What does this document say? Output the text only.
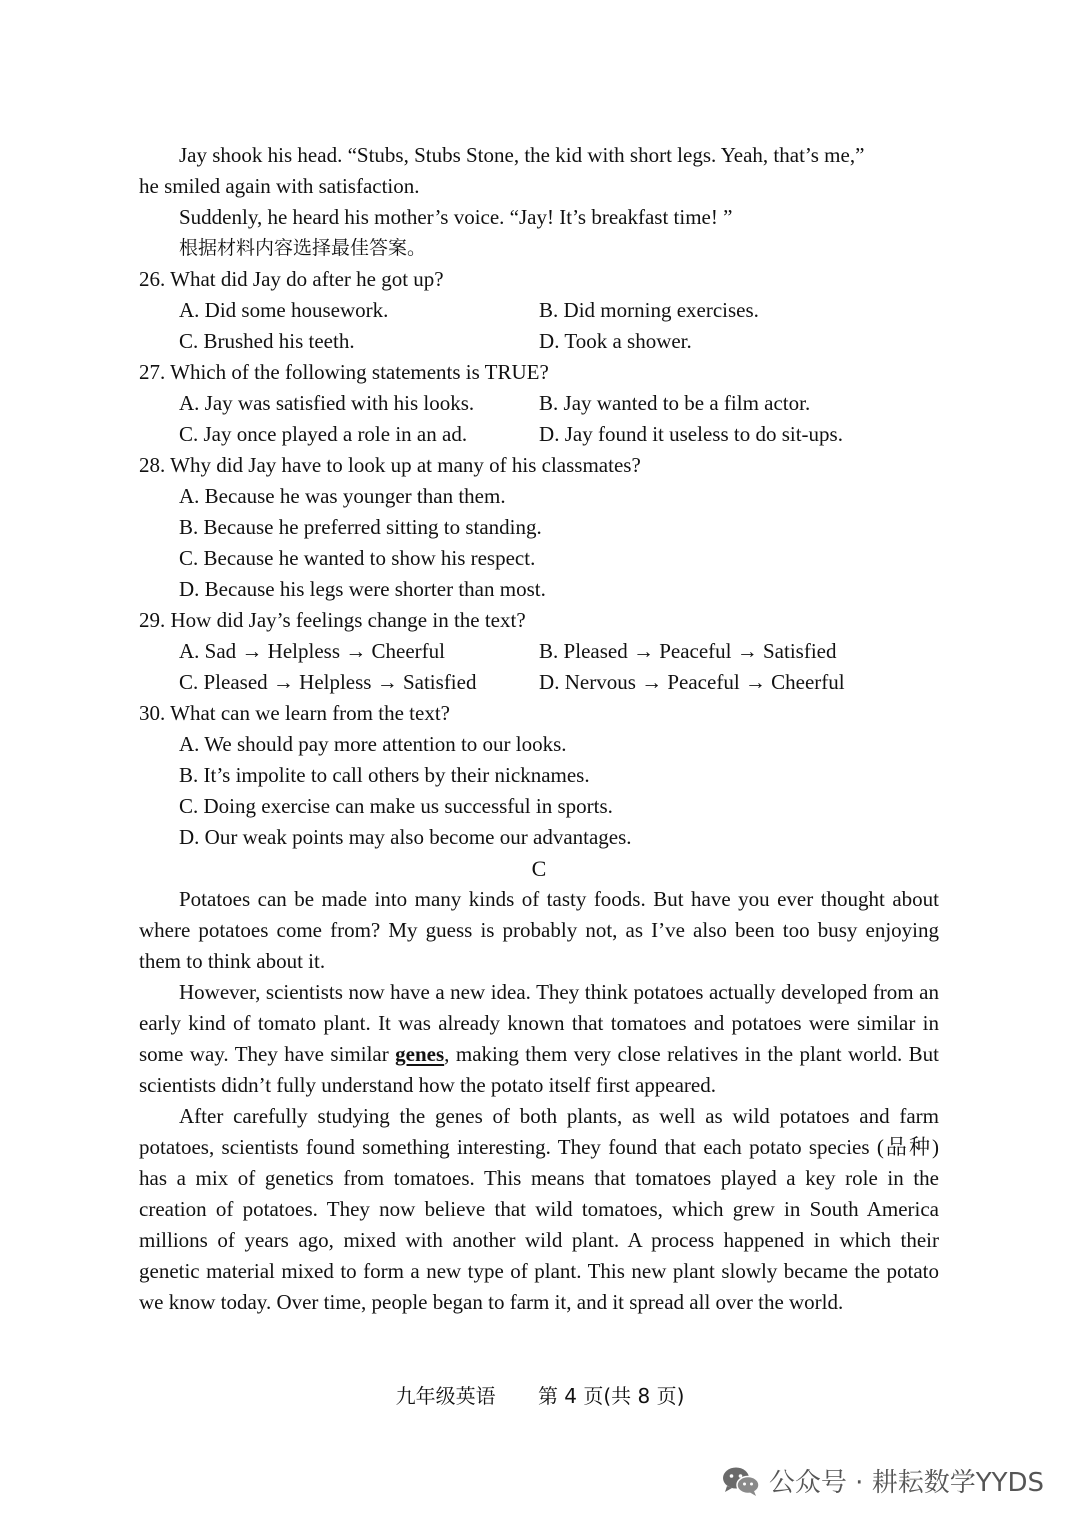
Jay shook his head. “Stubs, Stubs Stone, the kid with short legs. Yeah, that’s me,”

he smiled again with satisfaction.

Suddenly, he heard his mother’s voice. “Jay! It’s breakfast time! ”

根据材料内容选择最佳答案。

26. What did Jay do after he got up?

A. Did some housework.	B. Did morning exercises.
C. Brushed his teeth.	D. Took a shower.

27. Which of the following statements is TRUE?

A. Jay was satisfied with his looks.	B. Jay wanted to be a film actor.
C. Jay once played a role in an ad.	D. Jay found it useless to do sit-ups.

28. Why did Jay have to look up at many of his classmates?

A. Because he was younger than them.

B. Because he preferred sitting to standing.

C. Because he wanted to show his respect.

D. Because his legs were shorter than most.

29. How did Jay’s feelings change in the text?

A. Sad → Helpless → Cheerful	B. Pleased → Peaceful → Satisfied
C. Pleased → Helpless → Satisfied	D. Nervous → Peaceful → Cheerful

30. What can we learn from the text?

A. We should pay more attention to our looks.

B. It’s impolite to call others by their nicknames.

C. Doing exercise can make us successful in sports.

D. Our weak points may also become our advantages.

C

Potatoes can be made into many kinds of tasty foods. But have you ever thought about where potatoes come from? My guess is probably not, as I’ve also been too busy enjoying them to think about it.

However, scientists now have a new idea. They think potatoes actually developed from an early kind of tomato plant. It was already known that tomatoes and potatoes were similar in some way. They have similar genes, making them very close relatives in the plant world. But scientists didn’t fully understand how the potato itself first appeared.

After carefully studying the genes of both plants, as well as wild potatoes and farm potatoes, scientists found something interesting. They found that each potato species (品种) has a mix of genetics from tomatoes. This means that tomatoes played a key role in the creation of potatoes. They now believe that wild tomatoes, which grew in South America millions of years ago, mixed with another wild plant. A process happened in which their genetic material mixed to form a new type of plant. This new plant slowly became the potato we know today. Over time, people began to farm it, and it spread all over the world.

九年级英语 第 4 页(共 8 页)
公众号 · 耕耘数学YYDS
